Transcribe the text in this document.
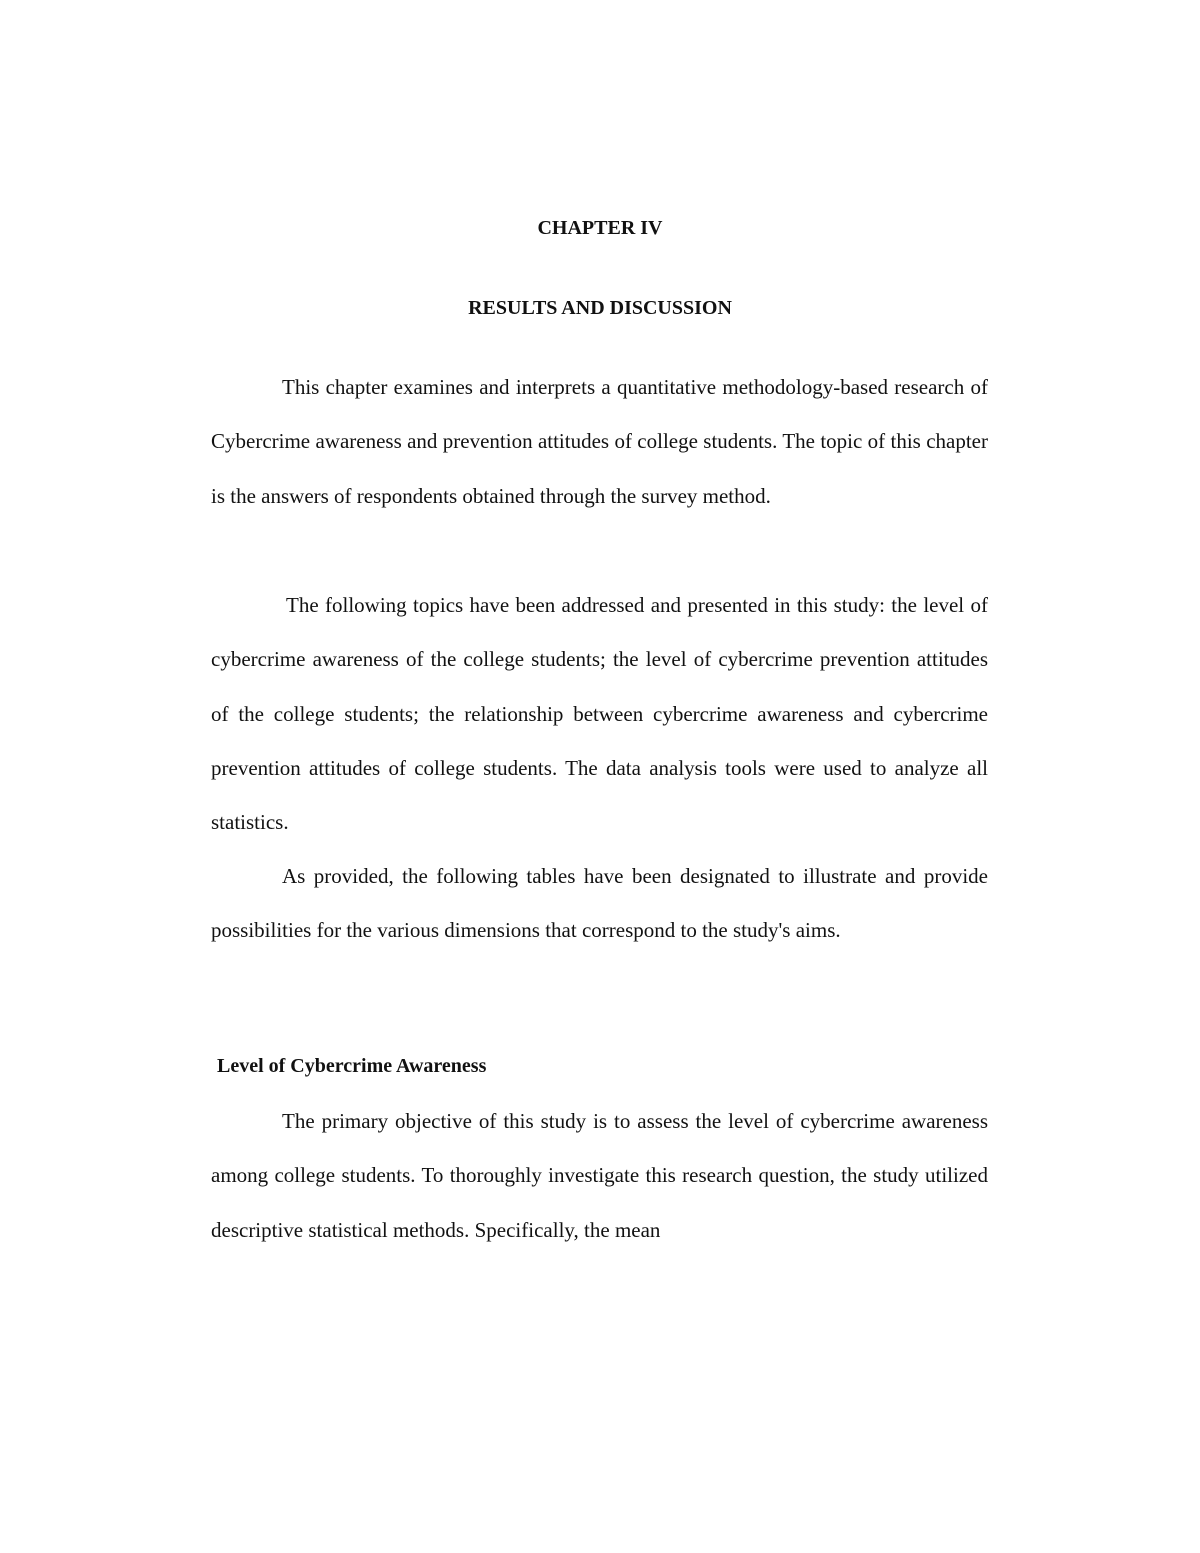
CHAPTER IV
RESULTS AND DISCUSSION

This chapter examines and interprets a quantitative methodology-based research of Cybercrime awareness and prevention attitudes of college students. The topic of this chapter is the answers of respondents obtained through the survey method.

The following topics have been addressed and presented in this study: the level of cybercrime awareness of the college students; the level of cybercrime prevention attitudes of the college students; the relationship between cybercrime awareness and cybercrime prevention attitudes of college students. The data analysis tools were used to analyze all statistics.

As provided, the following tables have been designated to illustrate and provide possibilities for the various dimensions that correspond to the study's aims.

Level of Cybercrime Awareness

The primary objective of this study is to assess the level of cybercrime awareness among college students. To thoroughly investigate this research question, the study utilized descriptive statistical methods. Specifically, the mean
